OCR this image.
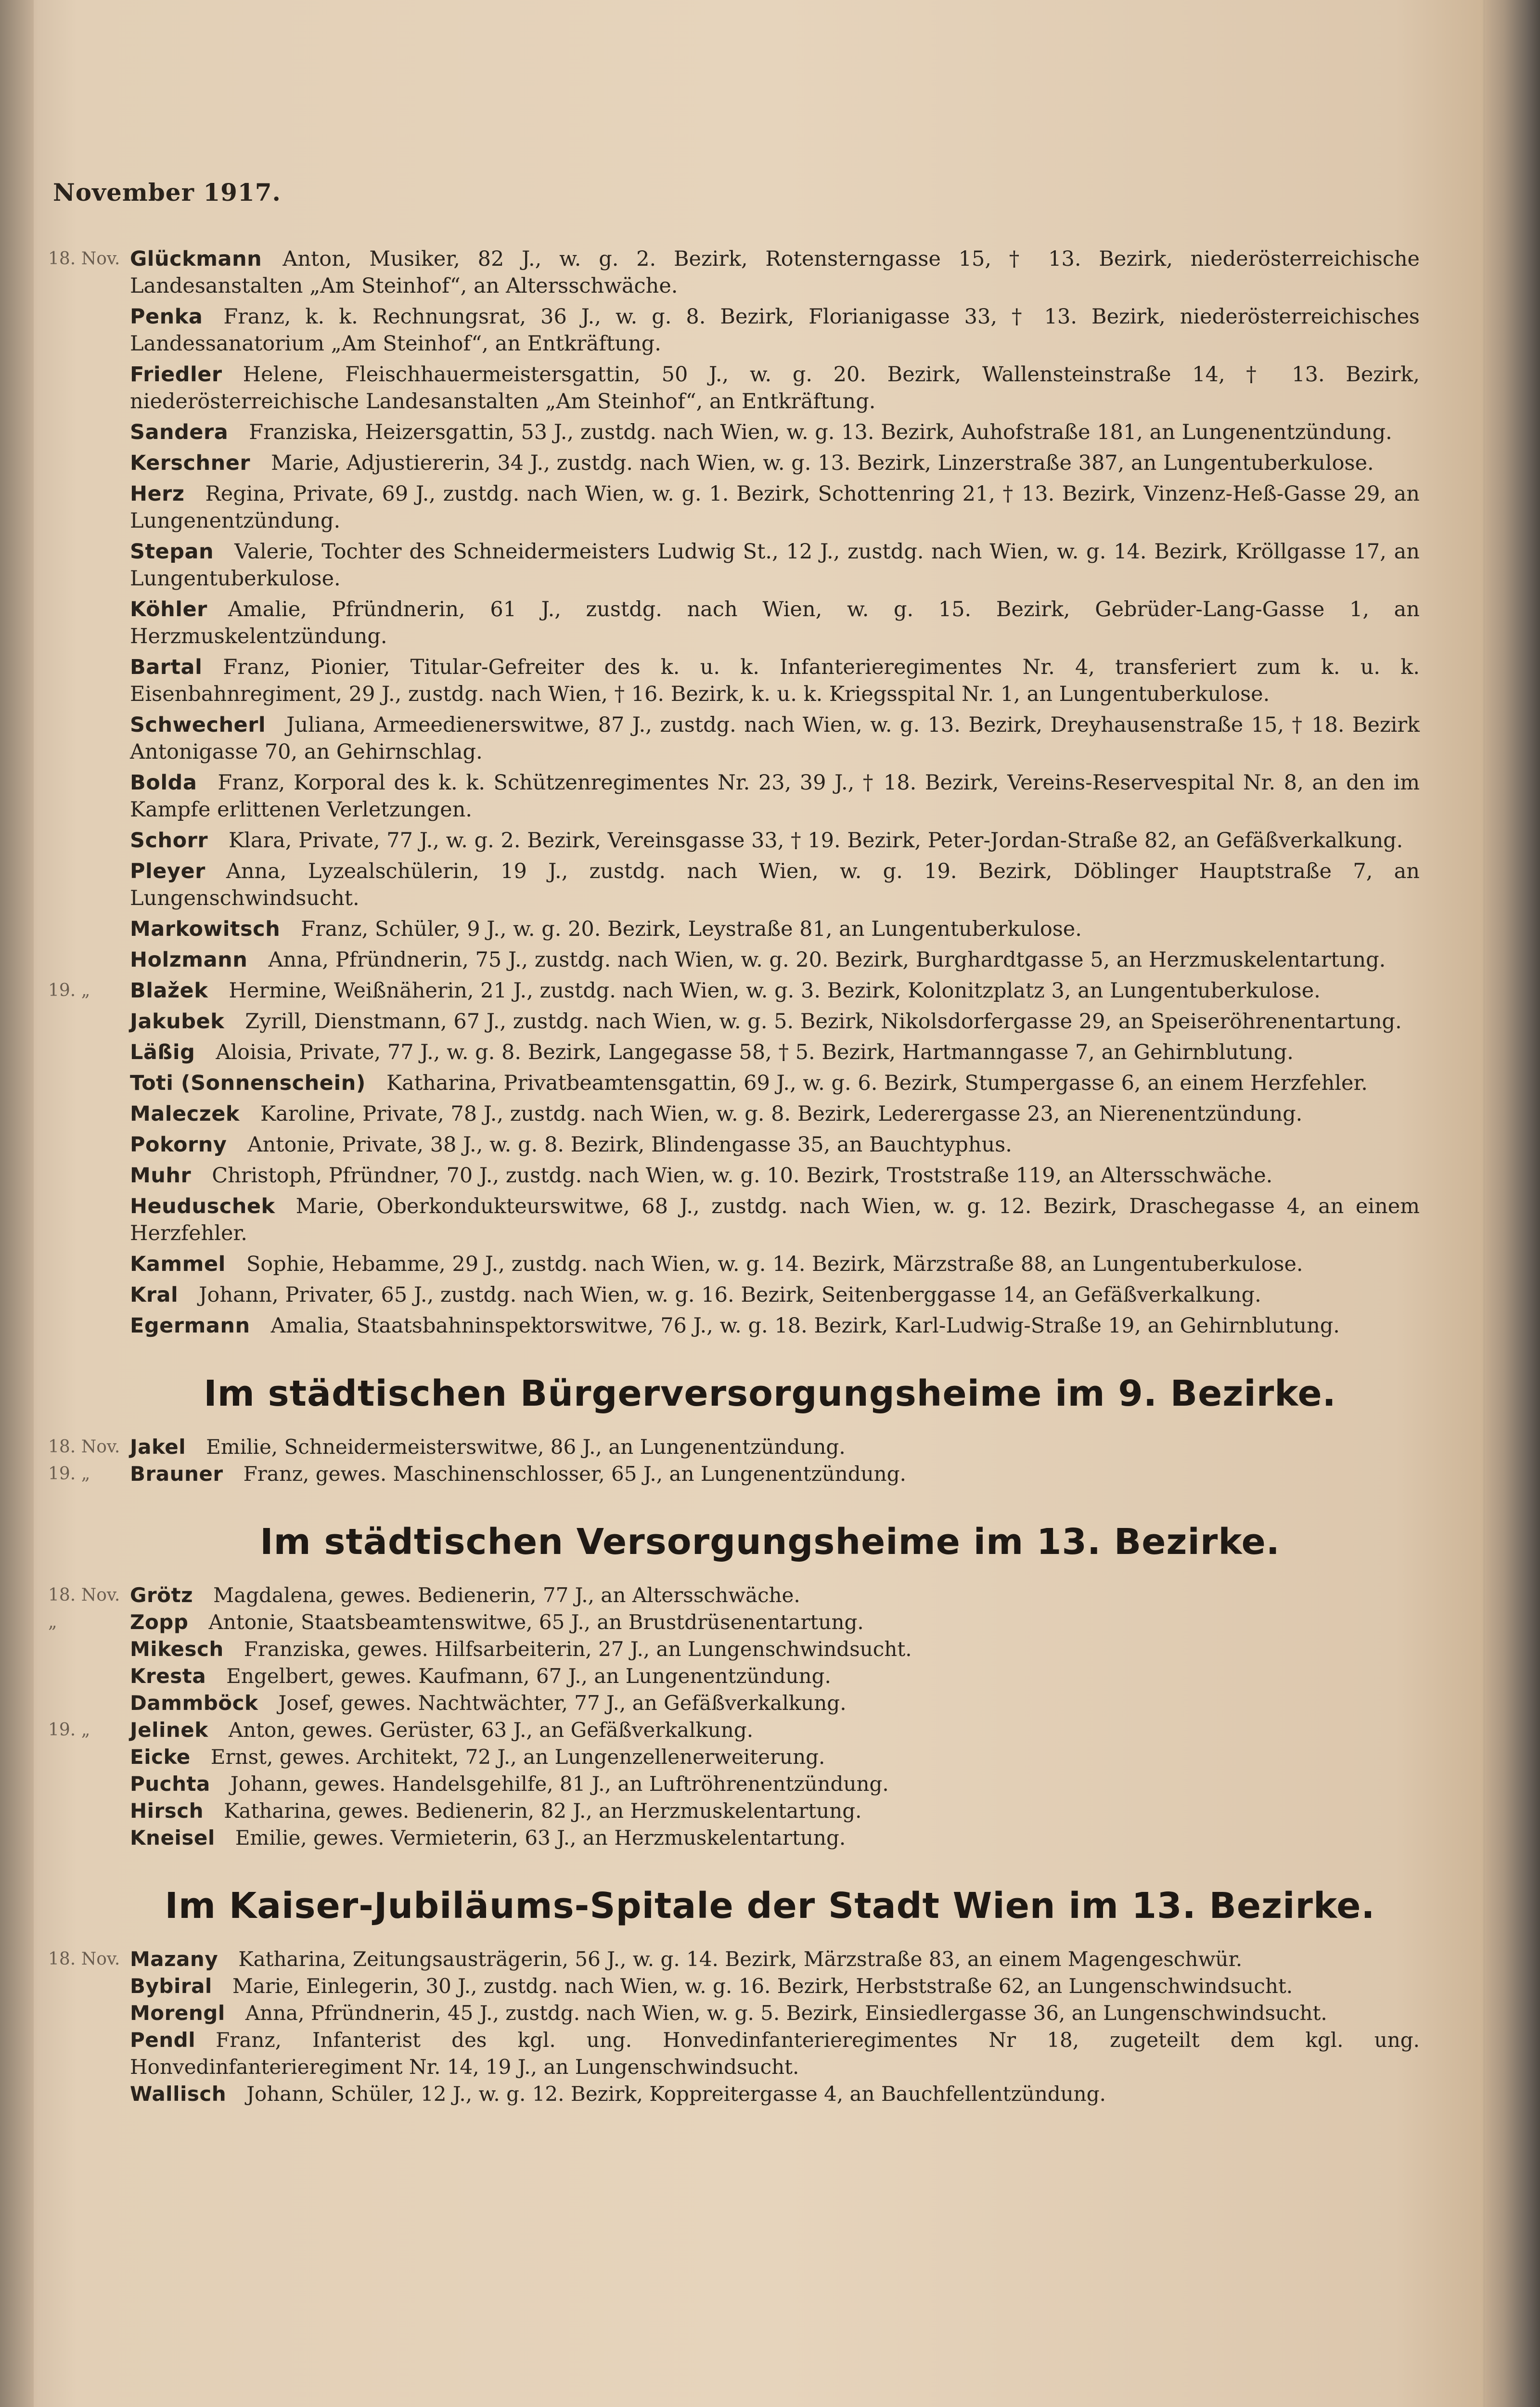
November 1917.
18. Nov. Glückmann  Anton, Musiker, 82 J., w. g. 2. Bezirk, Rotensterngasse 15, † 13. Bezirk, niederösterreichische Landesanstalten „Am Steinhof“, an Altersschwäche.
Penka  Franz, k. k. Rechnungsrat, 36 J., w. g. 8. Bezirk, Florianigasse 33, † 13. Bezirk, niederösterreichisches Landessanatorium „Am Steinhof“, an Entkräftung.
Friedler  Helene, Fleischhauermeistersgattin, 50 J., w. g. 20. Bezirk, Wallensteinstraße 14, † 13. Bezirk, niederösterreichische Landesanstalten „Am Steinhof“, an Entkräftung.
Sandera  Franziska, Heizersgattin, 53 J., zustdg. nach Wien, w. g. 13. Bezirk, Auhofstraße 181, an Lungenentzündung.
Kerschner  Marie, Adjustiererin, 34 J., zustdg. nach Wien, w. g. 13. Bezirk, Linzerstraße 387, an Lungentuberkulose.
Herz  Regina, Private, 69 J., zustdg. nach Wien, w. g. 1. Bezirk, Schottenring 21, † 13. Bezirk, Vinzenz-Heß-Gasse 29, an Lungenentzündung.
Stepan  Valerie, Tochter des Schneidermeisters Ludwig St., 12 J., zustdg. nach Wien, w. g. 14. Bezirk, Kröllgasse 17, an Lungentuberkulose.
Köhler  Amalie, Pfründnerin, 61 J., zustdg. nach Wien, w. g. 15. Bezirk, Gebrüder-Lang-Gasse 1, an Herzmuskelentzündung.
Bartal  Franz, Pionier, Titular-Gefreiter des k. u. k. Infanterieregimentes Nr. 4, transferiert zum k. u. k. Eisenbahnregiment, 29 J., zustdg. nach Wien, † 16. Bezirk, k. u. k. Kriegsspital Nr. 1, an Lungentuberkulose.
Schwecherl  Juliana, Armeedienerswitwe, 87 J., zustdg. nach Wien, w. g. 13. Bezirk, Dreyhausenstraße 15, † 18. Bezirk Antonigasse 70, an Gehirnschlag.
Bolda  Franz, Korporal des k. k. Schützenregimentes Nr. 23, 39 J., † 18. Bezirk, Vereins-Reservespital Nr. 8, an den im Kampfe erlittenen Verletzungen.
Schorr  Klara, Private, 77 J., w. g. 2. Bezirk, Vereinsgasse 33, † 19. Bezirk, Peter-Jordan-Straße 82, an Gefäßverkalkung.
Pleyer  Anna, Lyzealschülerin, 19 J., zustdg. nach Wien, w. g. 19. Bezirk, Döblinger Hauptstraße 7, an Lungenschwindsucht.
Markowitsch  Franz, Schüler, 9 J., w. g. 20. Bezirk, Leystraße 81, an Lungentuberkulose.
Holzmann  Anna, Pfründnerin, 75 J., zustdg. nach Wien, w. g. 20. Bezirk, Burghardtgasse 5, an Herzmuskelentartung.
19. „	Blažek  Hermine, Weißnäherin, 21 J., zustdg. nach Wien, w. g. 3. Bezirk, Kolonitzplatz 3, an Lungentuberkulose.
Jakubek  Zyrill, Dienstmann, 67 J., zustdg. nach Wien, w. g. 5. Bezirk, Nikolsdorfergasse 29, an Speiseröhrenentartung.
Läßig  Aloisia, Private, 77 J., w. g. 8. Bezirk, Langegasse 58, † 5. Bezirk, Hartmanngasse 7, an Gehirnblutung.
Toti (Sonnenschein)  Katharina, Privatbeamtensgattin, 69 J., w. g. 6. Bezirk, Stumpergasse 6, an einem Herzfehler.
Maleczek  Karoline, Private, 78 J., zustdg. nach Wien, w. g. 8. Bezirk, Lederergasse 23, an Nierenentzündung.
Pokorny  Antonie, Private, 38 J., w. g. 8. Bezirk, Blindengasse 35, an Bauchtyphus.
Muhr  Christoph, Pfründner, 70 J., zustdg. nach Wien, w. g. 10. Bezirk, Troststraße 119, an Altersschwäche.
Heuduschek  Marie, Oberkondukteurswitwe, 68 J., zustdg. nach Wien, w. g. 12. Bezirk, Draschegasse 4, an einem Herzfehler.
Kammel  Sophie, Hebamme, 29 J., zustdg. nach Wien, w. g. 14. Bezirk, Märzstraße 88, an Lungentuberkulose.
Kral  Johann, Privater, 65 J., zustdg. nach Wien, w. g. 16. Bezirk, Seitenberggasse 14, an Gefäßverkalkung.
Egermann  Amalia, Staatsbahninspektorswitwe, 76 J., w. g. 18. Bezirk, Karl-Ludwig-Straße 19, an Gehirnblutung.
Im städtischen Bürgerversorgungsheime im 9. Bezirke.
18. Nov. Jakel  Emilie, Schneidermeisterswitwe, 86 J., an Lungenentzündung.
19. „	Brauner  Franz, gewes. Maschinenschlosser, 65 J., an Lungenentzündung.
Im städtischen Versorgungsheime im 13. Bezirke.
18. Nov. Grötz  Magdalena, gewes. Bedienerin, 77 J., an Altersschwäche.
„	Zopp  Antonie, Staatsbeamtenswitwe, 65 J., an Brustdrüsenentartung.
Mikesch  Franziska, gewes. Hilfsarbeiterin, 27 J., an Lungenschwindsucht.
Kresta  Engelbert, gewes. Kaufmann, 67 J., an Lungenentzündung.
Dammböck  Josef, gewes. Nachtwächter, 77 J., an Gefäßverkalkung.
19. „	Jelinek  Anton, gewes. Gerüster, 63 J., an Gefäßverkalkung.
Eicke  Ernst, gewes. Architekt, 72 J., an Lungenzellenerweiterung.
Puchta  Johann, gewes. Handelsgehilfe, 81 J., an Luftröhrenentzündung.
Hirsch  Katharina, gewes. Bedienerin, 82 J., an Herzmuskelentartung.
Kneisel  Emilie, gewes. Vermieterin, 63 J., an Herzmuskelentartung.
Im Kaiser-Jubiläums-Spitale der Stadt Wien im 13. Bezirke.
18. Nov. Mazany  Katharina, Zeitungsausträgerin, 56 J., w. g. 14. Bezirk, Märzstraße 83, an einem Magengeschwür.
Bybiral  Marie, Einlegerin, 30 J., zustdg. nach Wien, w. g. 16. Bezirk, Herbststraße 62, an Lungenschwindsucht.
Morengl  Anna, Pfründnerin, 45 J., zustdg. nach Wien, w. g. 5. Bezirk, Einsiedlergasse 36, an Lungenschwindsucht.
Pendl  Franz, Infanterist des kgl. ung. Honvedinfanterieregimentes Nr 18, zugeteilt dem kgl. ung. Honvedinfanterieregiment Nr. 14, 19 J., an Lungenschwindsucht.
Wallisch  Johann, Schüler, 12 J., w. g. 12. Bezirk, Koppreitergasse 4, an Bauchfellentzündung.
